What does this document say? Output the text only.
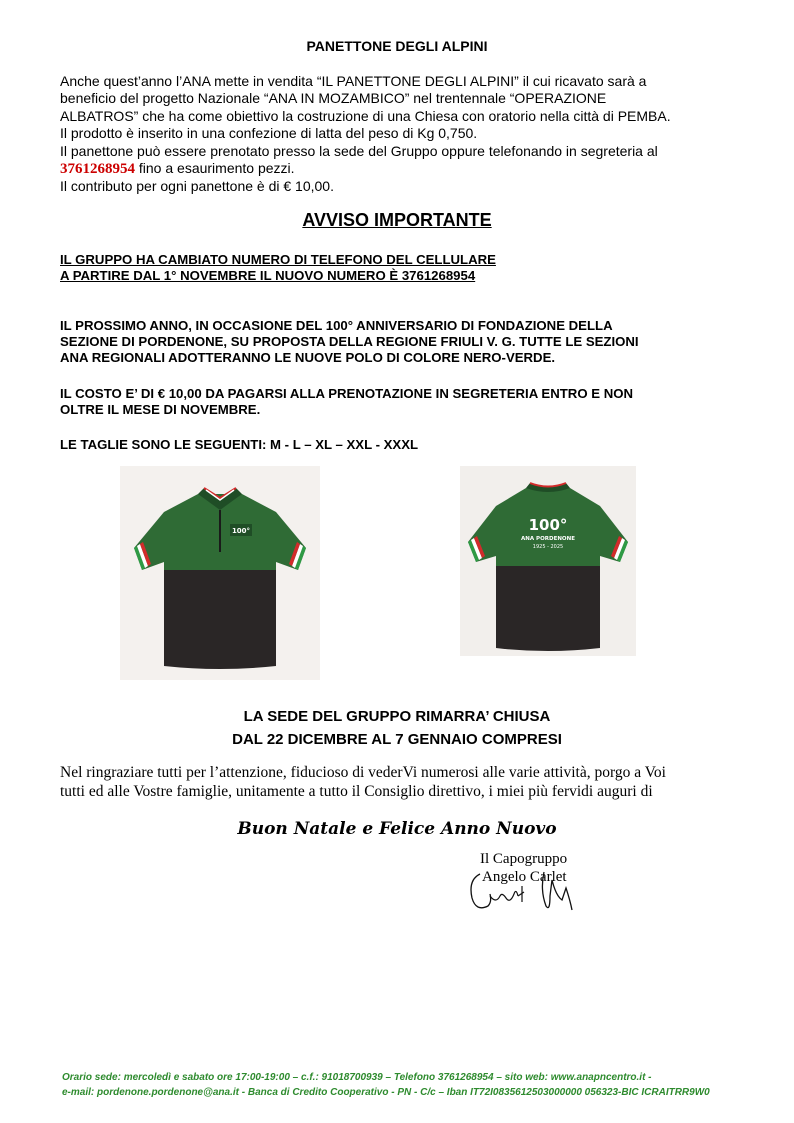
PANETTONE DEGLI ALPINI
Anche quest’anno l’ANA mette in vendita “IL PANETTONE DEGLI ALPINI” il cui ricavato sarà a
beneficio del progetto Nazionale “ANA IN MOZAMBICO” nel trentennale “OPERAZIONE
ALBATROS” che ha come obiettivo la costruzione di una Chiesa con oratorio nella città di PEMBA.
Il prodotto è inserito in una confezione di latta del peso di Kg 0,750.
Il panettone può essere prenotato presso la sede del Gruppo oppure telefonando in segreteria al
3761268954 fino a esaurimento pezzi.
Il contributo per ogni panettone è di € 10,00.
AVVISO IMPORTANTE
IL GRUPPO HA CAMBIATO NUMERO DI TELEFONO DEL CELLULARE
A PARTIRE DAL 1° NOVEMBRE IL NUOVO NUMERO È 3761268954
IL PROSSIMO ANNO, IN OCCASIONE DEL 100° ANNIVERSARIO DI FONDAZIONE DELLA
SEZIONE DI PORDENONE, SU PROPOSTA DELLA REGIONE FRIULI V. G. TUTTE LE SEZIONI
ANA REGIONALI ADOTTERANNO LE NUOVE POLO DI COLORE NERO-VERDE.
IL COSTO E’ DI € 10,00 DA PAGARSI ALLA PRENOTAZIONE IN SEGRETERIA ENTRO E NON
OLTRE IL MESE DI NOVEMBRE.
LE TAGLIE SONO LE SEGUENTI: M - L – XL – XXL - XXXL
100°	100°
ANA PORDENONE
1925 - 2025
LA SEDE DEL GRUPPO RIMARRA’ CHIUSA
DAL 22 DICEMBRE AL 7 GENNAIO COMPRESI
Nel ringraziare tutti per l’attenzione, fiducioso di vederVi numerosi alle varie attività, porgo a Voi
tutti ed alle Vostre famiglie, unitamente a tutto il Consiglio direttivo, i miei più fervidi auguri di
Buon Natale e Felice Anno Nuovo
Il Capogruppo
Angelo Carlet
Orario sede: mercoledì e sabato ore 17:00-19:00 – c.f.: 91018700939 – Telefono 3761268954 – sito web: www.anapncentro.it -
e-mail: pordenone.pordenone@ana.it - Banca di Credito Cooperativo - PN - C/c – Iban IT72I0835612503000000 056323-BIC ICRAITRR9W0
